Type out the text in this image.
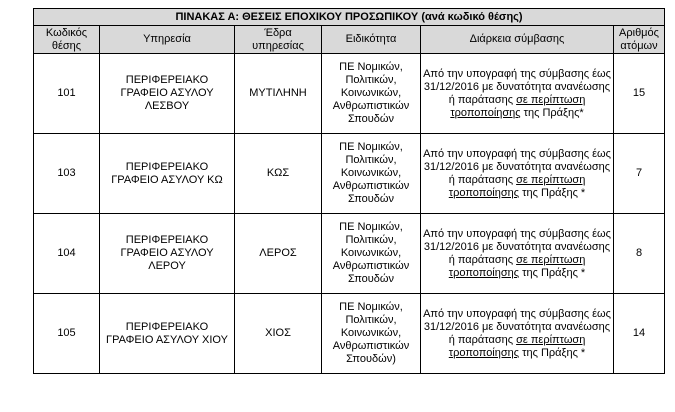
ΠΙΝΑΚΑΣ Α: ΘΕΣΕΙΣ ΕΠΟΧΙΚΟΥ ΠΡΟΣΩΠΙΚΟΥ (ανά κωδικό θέσης)					
Κωδικός θέσης	Υπηρεσία	Έδρα υπηρεσίας	Ειδικότητα	Διάρκεια σύμβασης	Αριθμός ατόμων
101	ΠΕΡΙΦΕΡΕΙΑΚΟ ΓΡΑΦΕΙΟ ΑΣΥΛΟΥ ΛΕΣΒΟΥ	ΜΥΤΙΛΗΝΗ	ΠΕ Νομικών, Πολιτικών, Κοινωνικών, Ανθρωπιστικών Σπουδών	Από την υπογραφή της σύμβασης έως 31/12/2016 με δυνατότητα ανανέωσης ή παράτασης σε περίπτωση τροποποίησης της Πράξης*	15
103	ΠΕΡΙΦΕΡΕΙΑΚΟ ΓΡΑΦΕΙΟ ΑΣΥΛΟΥ ΚΩ	ΚΩΣ	ΠΕ Νομικών, Πολιτικών, Κοινωνικών, Ανθρωπιστικών Σπουδών	Από την υπογραφή της σύμβασης έως 31/12/2016 με δυνατότητα ανανέωσης ή παράτασης σε περίπτωση τροποποίησης της Πράξης *	7
104	ΠΕΡΙΦΕΡΕΙΑΚΟ ΓΡΑΦΕΙΟ ΑΣΥΛΟΥ ΛΕΡΟΥ	ΛΕΡΟΣ	ΠΕ Νομικών, Πολιτικών, Κοινωνικών, Ανθρωπιστικών Σπουδών	Από την υπογραφή της σύμβασης έως 31/12/2016 με δυνατότητα ανανέωσης ή παράτασης σε περίπτωση τροποποίησης της Πράξης *	8
105	ΠΕΡΙΦΕΡΕΙΑΚΟ ΓΡΑΦΕΙΟ ΑΣΥΛΟΥ ΧΙΟΥ	ΧΙΟΣ	ΠΕ Νομικών, Πολιτικών, Κοινωνικών, Ανθρωπιστικών Σπουδών)	Από την υπογραφή της σύμβασης έως 31/12/2016 με δυνατότητα ανανέωσης ή παράτασης σε περίπτωση τροποποίησης της Πράξης *	14
